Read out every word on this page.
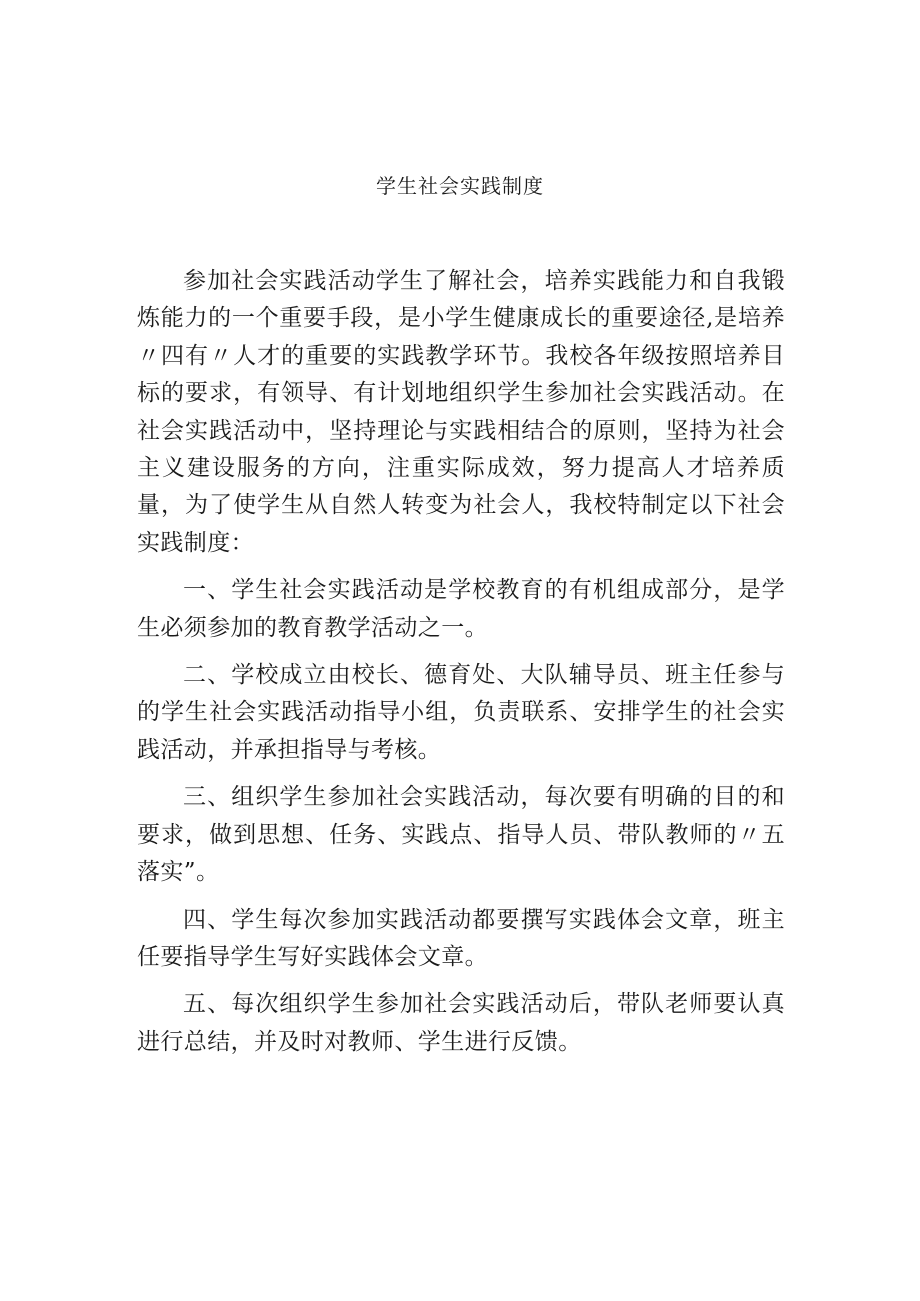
学生社会实践制度

参加社会实践活动学生了解社会，培养实践能力和自我锻炼能力的一个重要手段，是小学生健康成长的重要途径,是培养〃四有〃人才的重要的实践教学环节。我校各年级按照培养目标的要求，有领导、有计划地组织学生参加社会实践活动。在社会实践活动中，坚持理论与实践相结合的原则，坚持为社会主义建设服务的方向，注重实际成效，努力提高人才培养质量，为了使学生从自然人转变为社会人，我校特制定以下社会实践制度：

一、学生社会实践活动是学校教育的有机组成部分，是学生必须参加的教育教学活动之一。

二、学校成立由校长、德育处、大队辅导员、班主任参与的学生社会实践活动指导小组，负责联系、安排学生的社会实践活动，并承担指导与考核。

三、组织学生参加社会实践活动，每次要有明确的目的和要求，做到思想、任务、实践点、指导人员、带队教师的〃五落实”。

四、学生每次参加实践活动都要撰写实践体会文章，班主任要指导学生写好实践体会文章。

五、每次组织学生参加社会实践活动后，带队老师要认真进行总结，并及时对教师、学生进行反馈。
